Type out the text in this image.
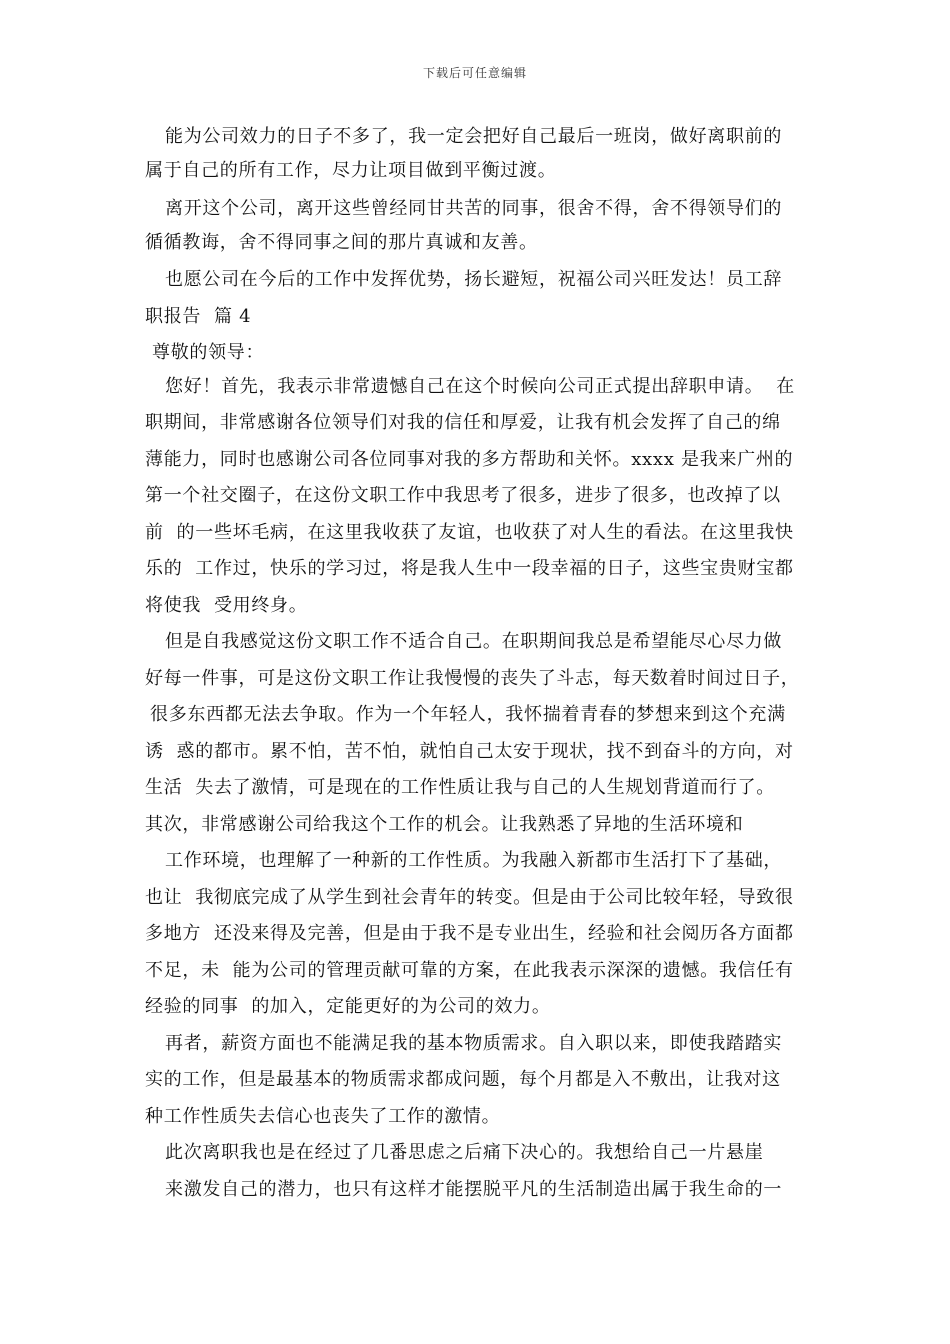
下载后可任意编辑
能为公司效力的日子不多了，我一定会把好自己最后一班岗，做好离职前的
属于自己的所有工作，尽力让项目做到平衡过渡。
离开这个公司，离开这些曾经同甘共苦的同事，很舍不得，舍不得领导们的
循循教诲，舍不得同事之间的那片真诚和友善。
也愿公司在今后的工作中发挥优势，扬长避短，祝福公司兴旺发达！员工辞
职报告  篇 4
尊敬的领导：
您好！首先，我表示非常遗憾自己在这个时候向公司正式提出辞职申请。  在
职期间，非常感谢各位领导们对我的信任和厚爱，让我有机会发挥了自己的绵
薄能力，同时也感谢公司各位同事对我的多方帮助和关怀。xxxx 是我来广州的
第一个社交圈子，在这份文职工作中我思考了很多，进步了很多，也改掉了以
前  的一些坏毛病，在这里我收获了友谊，也收获了对人生的看法。在这里我快
乐的  工作过，快乐的学习过，将是我人生中一段幸福的日子，这些宝贵财宝都
将使我  受用终身。
但是自我感觉这份文职工作不适合自己。在职期间我总是希望能尽心尽力做
好每一件事，可是这份文职工作让我慢慢的丧失了斗志，每天数着时间过日子，
很多东西都无法去争取。作为一个年轻人，我怀揣着青春的梦想来到这个充满
诱  惑的都市。累不怕，苦不怕，就怕自己太安于现状，找不到奋斗的方向，对
生活  失去了激情，可是现在的工作性质让我与自己的人生规划背道而行了。
其次，非常感谢公司给我这个工作的机会。让我熟悉了异地的生活环境和
工作环境，也理解了一种新的工作性质。为我融入新都市生活打下了基础，
也让  我彻底完成了从学生到社会青年的转变。但是由于公司比较年轻，导致很
多地方  还没来得及完善，但是由于我不是专业出生，经验和社会阅历各方面都
不足，未  能为公司的管理贡献可靠的方案，在此我表示深深的遗憾。我信任有
经验的同事  的加入，定能更好的为公司的效力。
再者，薪资方面也不能满足我的基本物质需求。自入职以来，即使我踏踏实
实的工作，但是最基本的物质需求都成问题，每个月都是入不敷出，让我对这
种工作性质失去信心也丧失了工作的激情。
此次离职我也是在经过了几番思虑之后痛下决心的。我想给自己一片悬崖
来激发自己的潜力，也只有这样才能摆脱平凡的生活制造出属于我生命的一
